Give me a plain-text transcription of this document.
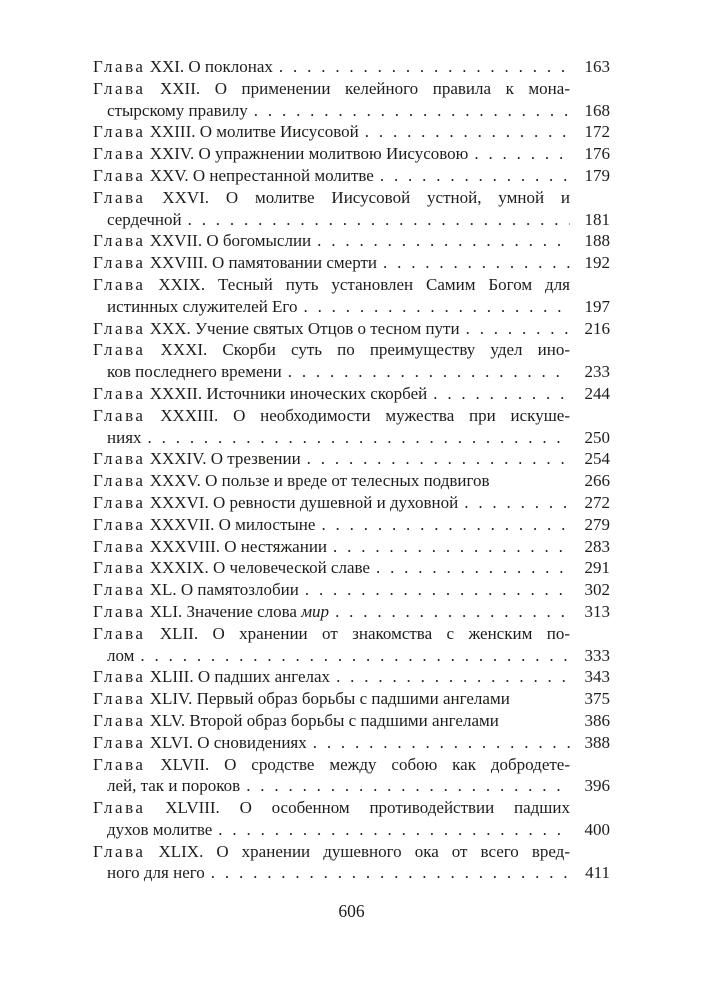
Глава XXI. О поклонах . . .	163
Глава XXII. О применении келейного правила к мона-
стырскому правилу . . .	168
Глава XXIII. О молитве Иисусовой . . .	172
Глава XXIV. О упражнении молитвою Иисусовою . . .	176
Глава XXV. О непрестанной молитве . . .	179
Глава XXVI. О молитве Иисусовой устной, умной и
сердечной . . .	181
Глава XXVII. О богомыслии . . .	188
Глава XXVIII. О памятовании смерти . . .	192
Глава XXIX. Тесный путь установлен Самим Богом для
истинных служителей Его . . .	197
Глава XXX. Учение святых Отцов о тесном пути . . .	216
Глава XXXI. Скорби суть по преимуществу удел ино-
ков последнего времени . . .	233
Глава XXXII. Источники иноческих скорбей . . .	244
Глава XXXIII. О необходимости мужества при искуше-
ниях . . .	250
Глава XXXIV. О трезвении . . .	254
Глава XXXV. О пользе и вреде от телесных подвигов	266
Глава XXXVI. О ревности душевной и духовной . . .	272
Глава XXXVII. О милостыне . . .	279
Глава XXXVIII. О нестяжании . . .	283
Глава XXXIX. О человеческой славе . . .	291
Глава XL. О памятозлобии . . .	302
Глава XLI. Значение слова мир . . .	313
Глава XLII. О хранении от знакомства с женским по-
лом . . .	333
Глава XLIII. О падших ангелах . . .	343
Глава XLIV. Первый образ борьбы с падшими ангелами	375
Глава XLV. Второй образ борьбы с падшими ангелами	386
Глава XLVI. О сновидениях . . .	388
Глава XLVII. О сродстве между собою как добродете-
лей, так и пороков . . .	396
Глава XLVIII. О особенном противодействии падших
духов молитве . . .	400
Глава XLIX. О хранении душевного ока от всего вред-
ного для него . . .	411
606
